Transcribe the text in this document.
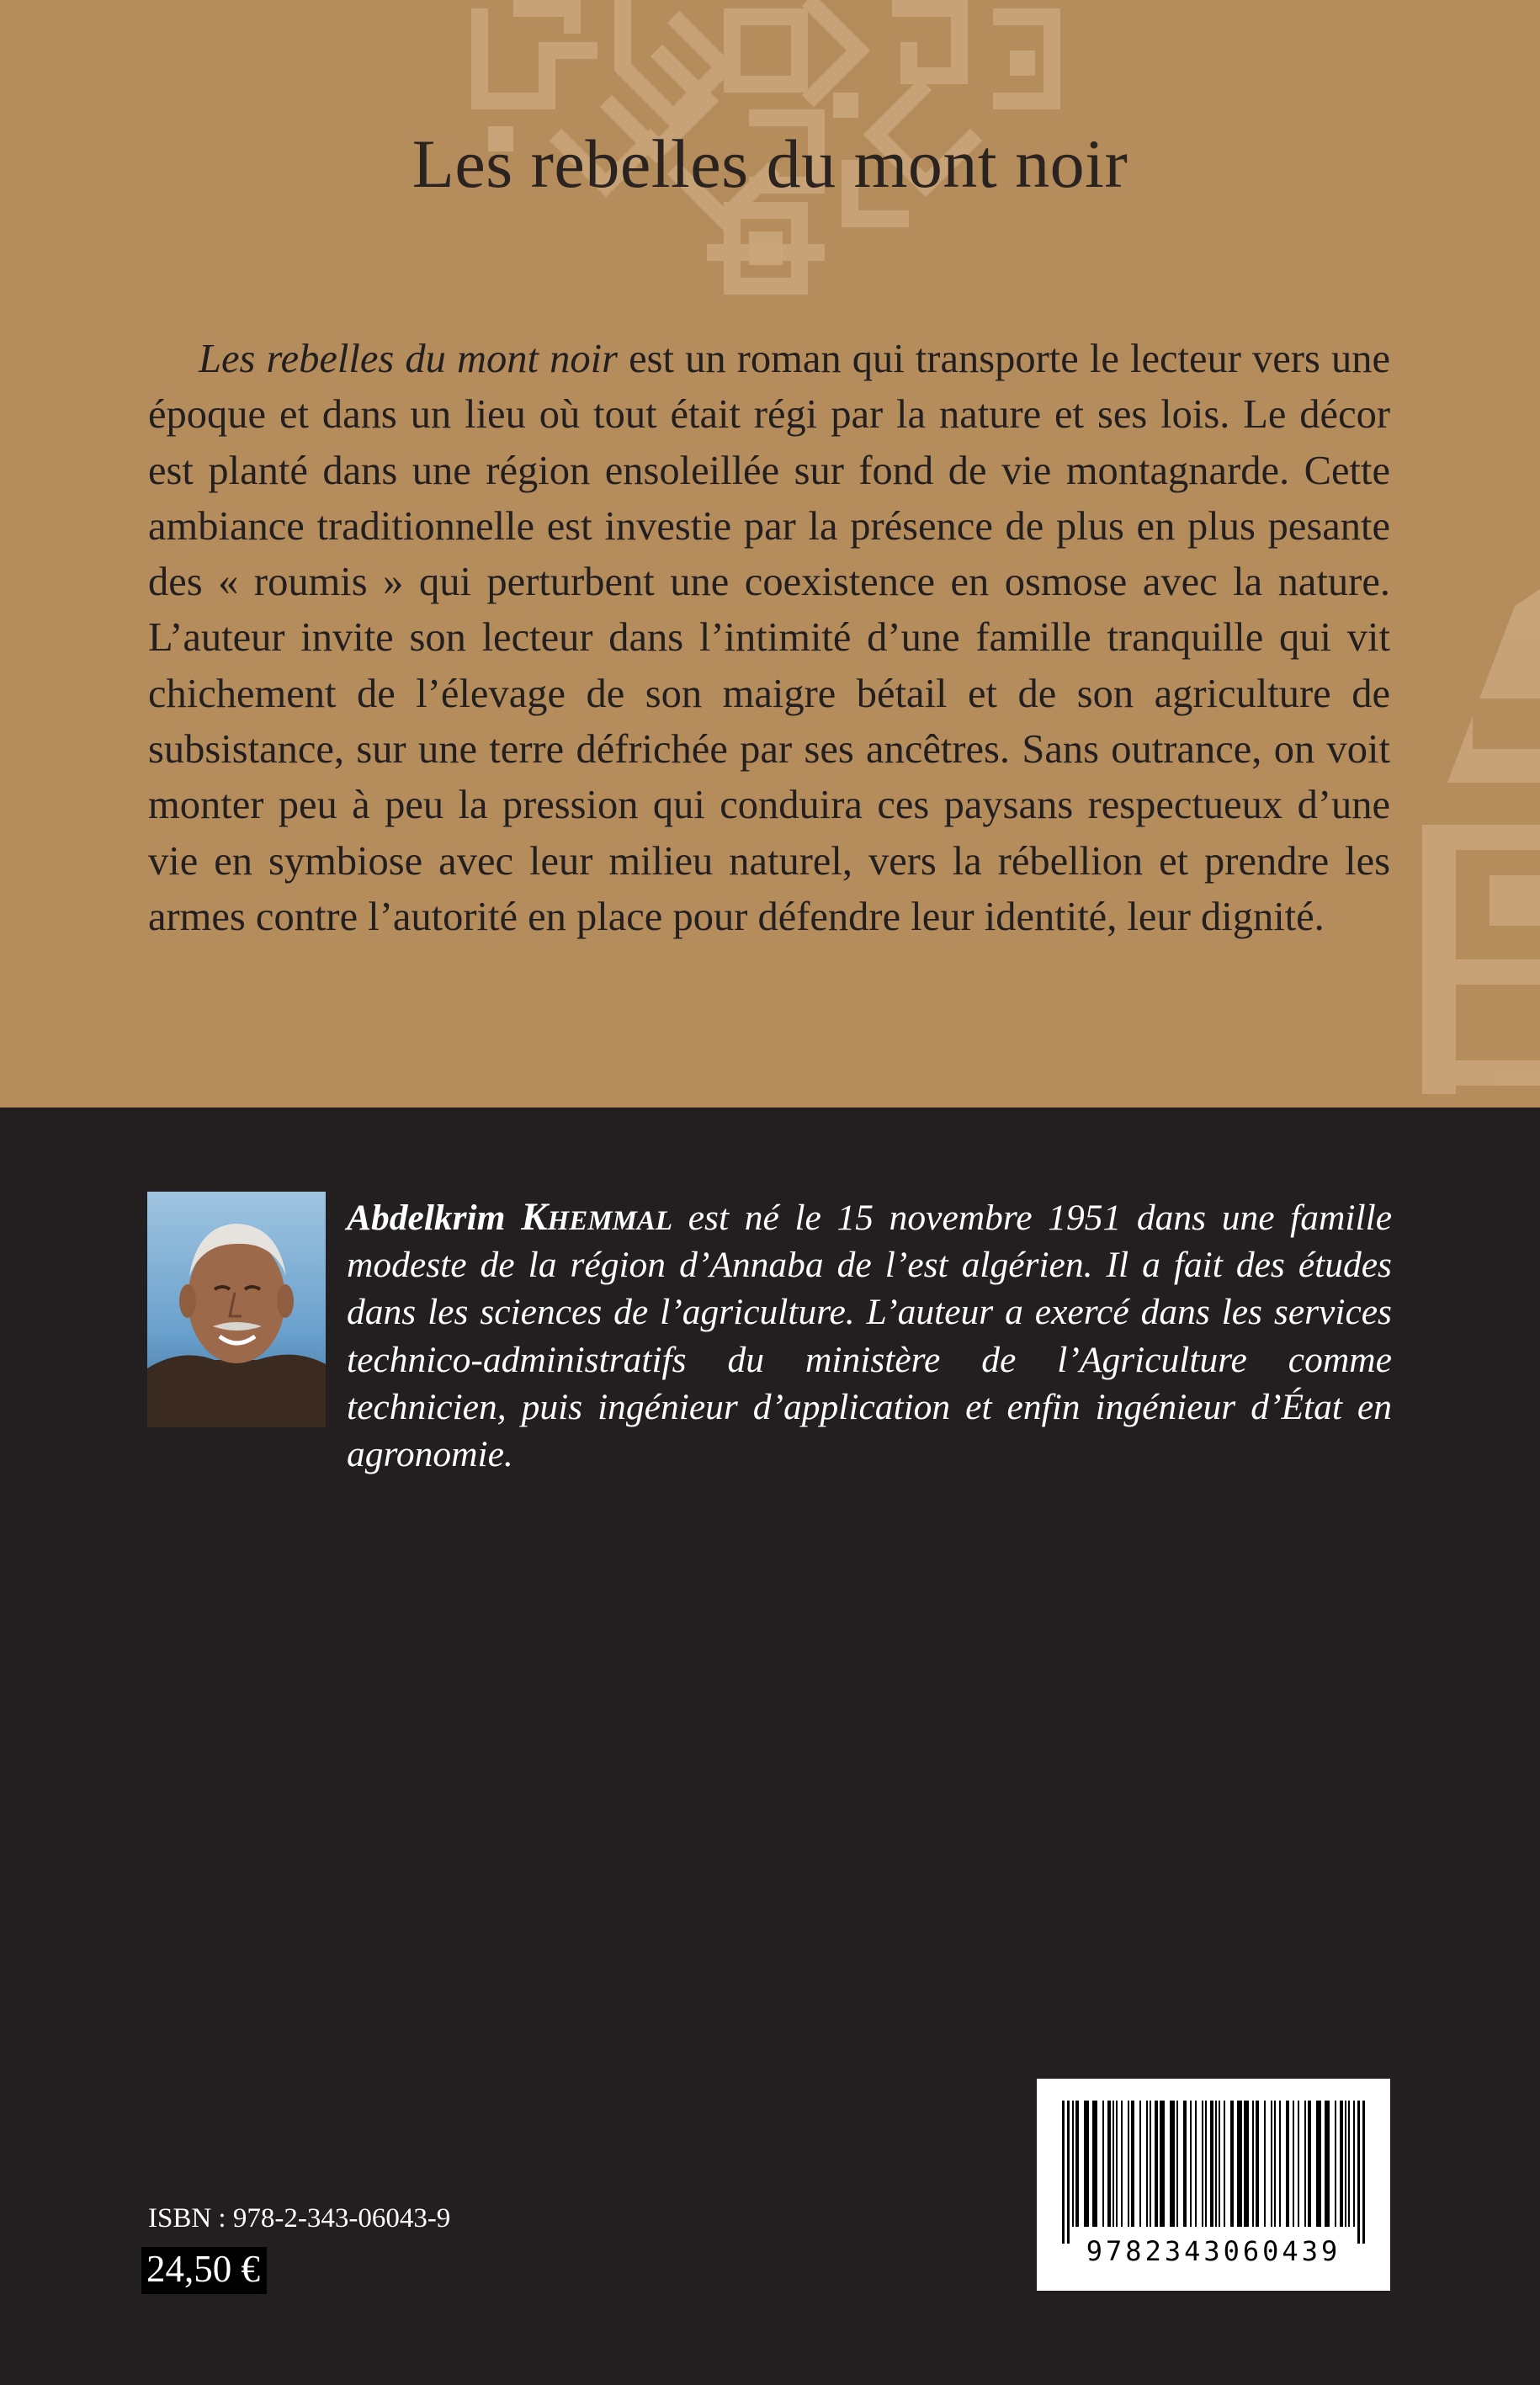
Les rebelles du mont noir

Les rebelles du mont noir est un roman qui transporte le lecteur vers une époque et dans un lieu où tout était régi par la nature et ses lois. Le décor est planté dans une région ensoleillée sur fond de vie montagnarde. Cette ambiance traditionnelle est investie par la présence de plus en plus pesante des « roumis » qui perturbent une coexistence en osmose avec la nature. L’auteur invite son lecteur dans l’intimité d’une famille tranquille qui vit chichement de l’élevage de son maigre bétail et de son agriculture de subsistance, sur une terre défrichée par ses ancêtres. Sans outrance, on voit monter peu à peu la pression qui conduira ces paysans respectueux d’une vie en symbiose avec leur milieu naturel, vers la rébellion et prendre les armes contre l’autorité en place pour défendre leur identité, leur dignité.

Abdelkrim Khemmal est né le 15 novembre 1951 dans une famille modeste de la région d’Annaba de l’est algérien. Il a fait des études dans les sciences de l’agriculture. L’auteur a exercé dans les services technico-administratifs du ministère de l’Agriculture comme technicien, puis ingénieur d’application et enfin ingénieur d’État en agronomie.

ISBN : 978-2-343-06043-9
24,50 €	9782343060439
